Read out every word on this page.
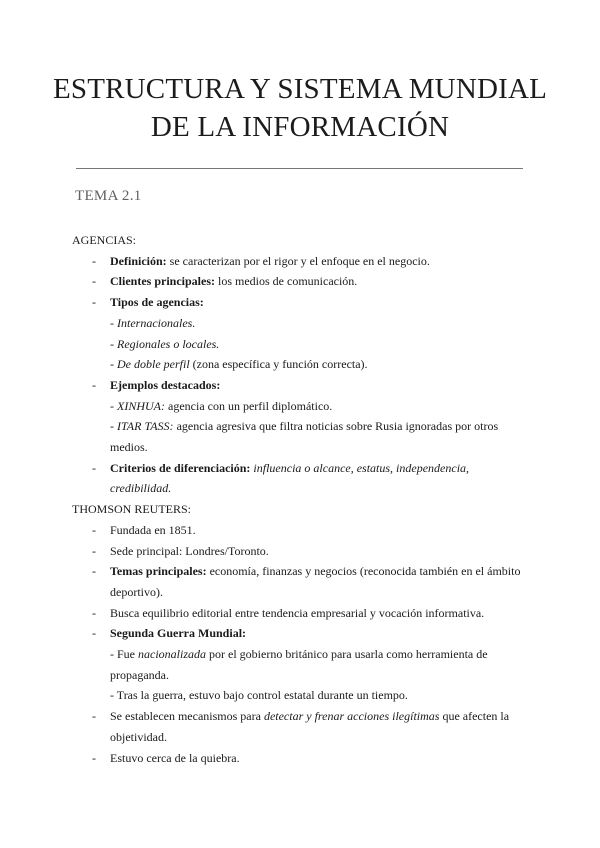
ESTRUCTURA Y SISTEMA MUNDIAL
DE LA INFORMACIÓN
TEMA 2.1
AGENCIAS:
- Definición: se caracterizan por el rigor y el enfoque en el negocio.
- Clientes principales: los medios de comunicación.
- Tipos de agencias:
- Internacionales.
- Regionales o locales.
- De doble perfil (zona específica y función correcta).
- Ejemplos destacados:
- XINHUA: agencia con un perfil diplomático.
- ITAR TASS: agencia agresiva que filtra noticias sobre Rusia ignoradas por otros medios.
- Criterios de diferenciación: influencia o alcance, estatus, independencia, credibilidad.
THOMSON REUTERS:
- Fundada en 1851.
- Sede principal: Londres/Toronto.
- Temas principales: economía, finanzas y negocios (reconocida también en el ámbito deportivo).
- Busca equilibrio editorial entre tendencia empresarial y vocación informativa.
- Segunda Guerra Mundial:
- Fue nacionalizada por el gobierno británico para usarla como herramienta de propaganda.
- Tras la guerra, estuvo bajo control estatal durante un tiempo.
- Se establecen mecanismos para detectar y frenar acciones ilegítimas que afecten la objetividad.
- Estuvo cerca de la quiebra.
